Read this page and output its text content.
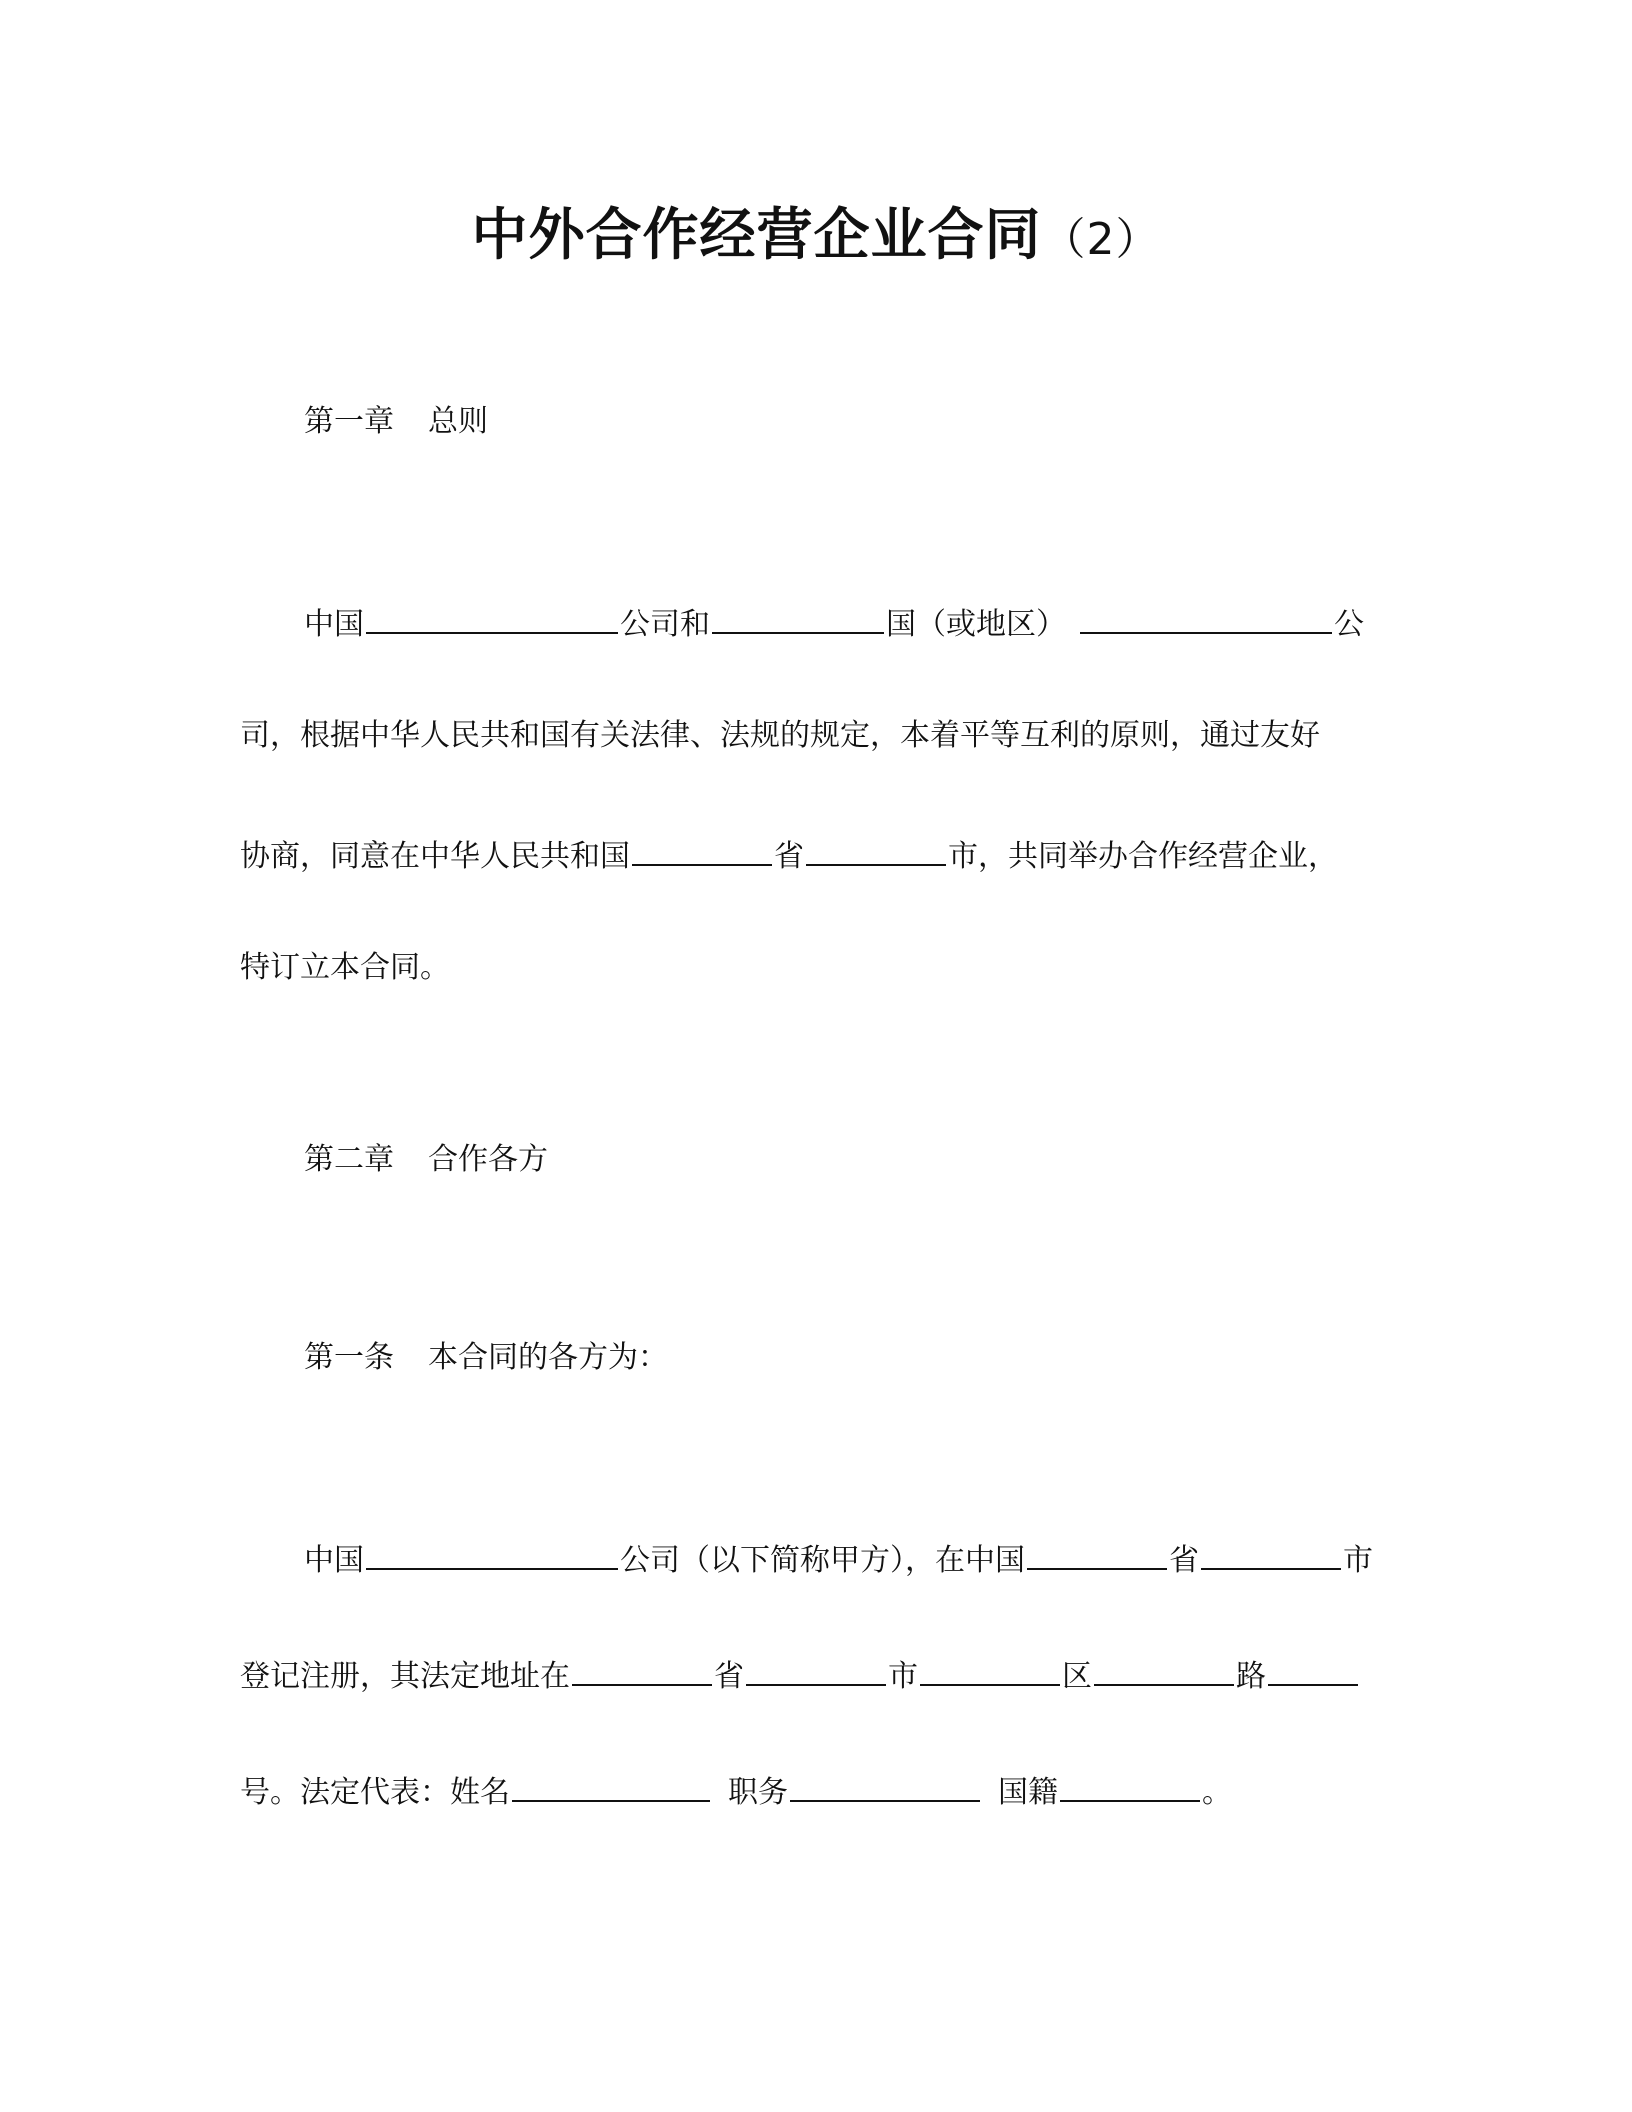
中外合作经营企业合同（2）
第一章 总则
中国	公司和	国（或地区）	公
司，根据中华人民共和国有关法律、法规的规定，本着平等互利的原则，通过友好
协商，同意在中华人民共和国	省	市，共同举办合作经营企业，
特订立本合同。
第二章 合作各方
第一条 本合同的各方为：
中国	公司（以下简称甲方），在中国	省	市
登记注册，其法定地址在	省	市	区	路
号。法定代表：姓名	职务	国籍	。
